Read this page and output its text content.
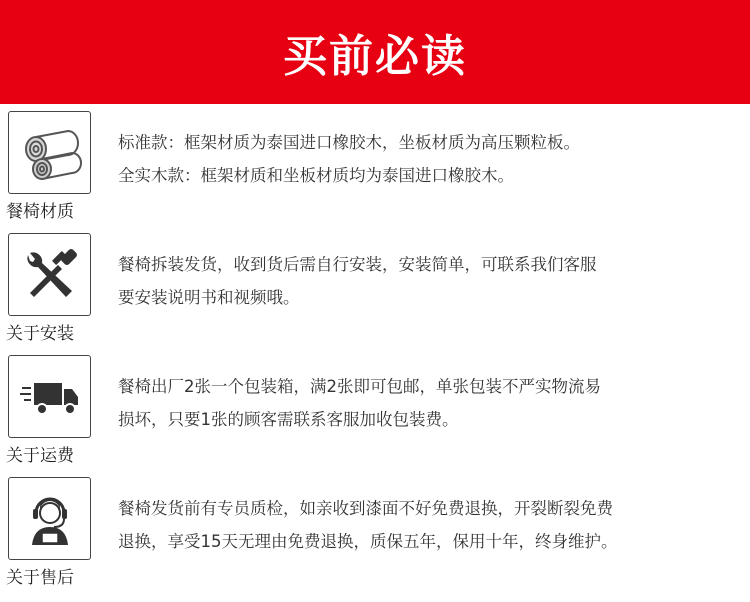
买前必读
餐椅材质

标准款：框架材质为泰国进口橡胶木，坐板材质为高压颗粒板。

全实木款：框架材质和坐板材质均为泰国进口橡胶木。

关于安装

餐椅拆装发货，收到货后需自行安装，安装简单，可联系我们客服

要安装说明书和视频哦。

关于运费

餐椅出厂2张一个包装箱，满2张即可包邮，单张包装不严实物流易

损坏，只要1张的顾客需联系客服加收包装费。

关于售后

餐椅发货前有专员质检，如亲收到漆面不好免费退换，开裂断裂免费

退换，享受15天无理由免费退换，质保五年，保用十年，终身维护。
